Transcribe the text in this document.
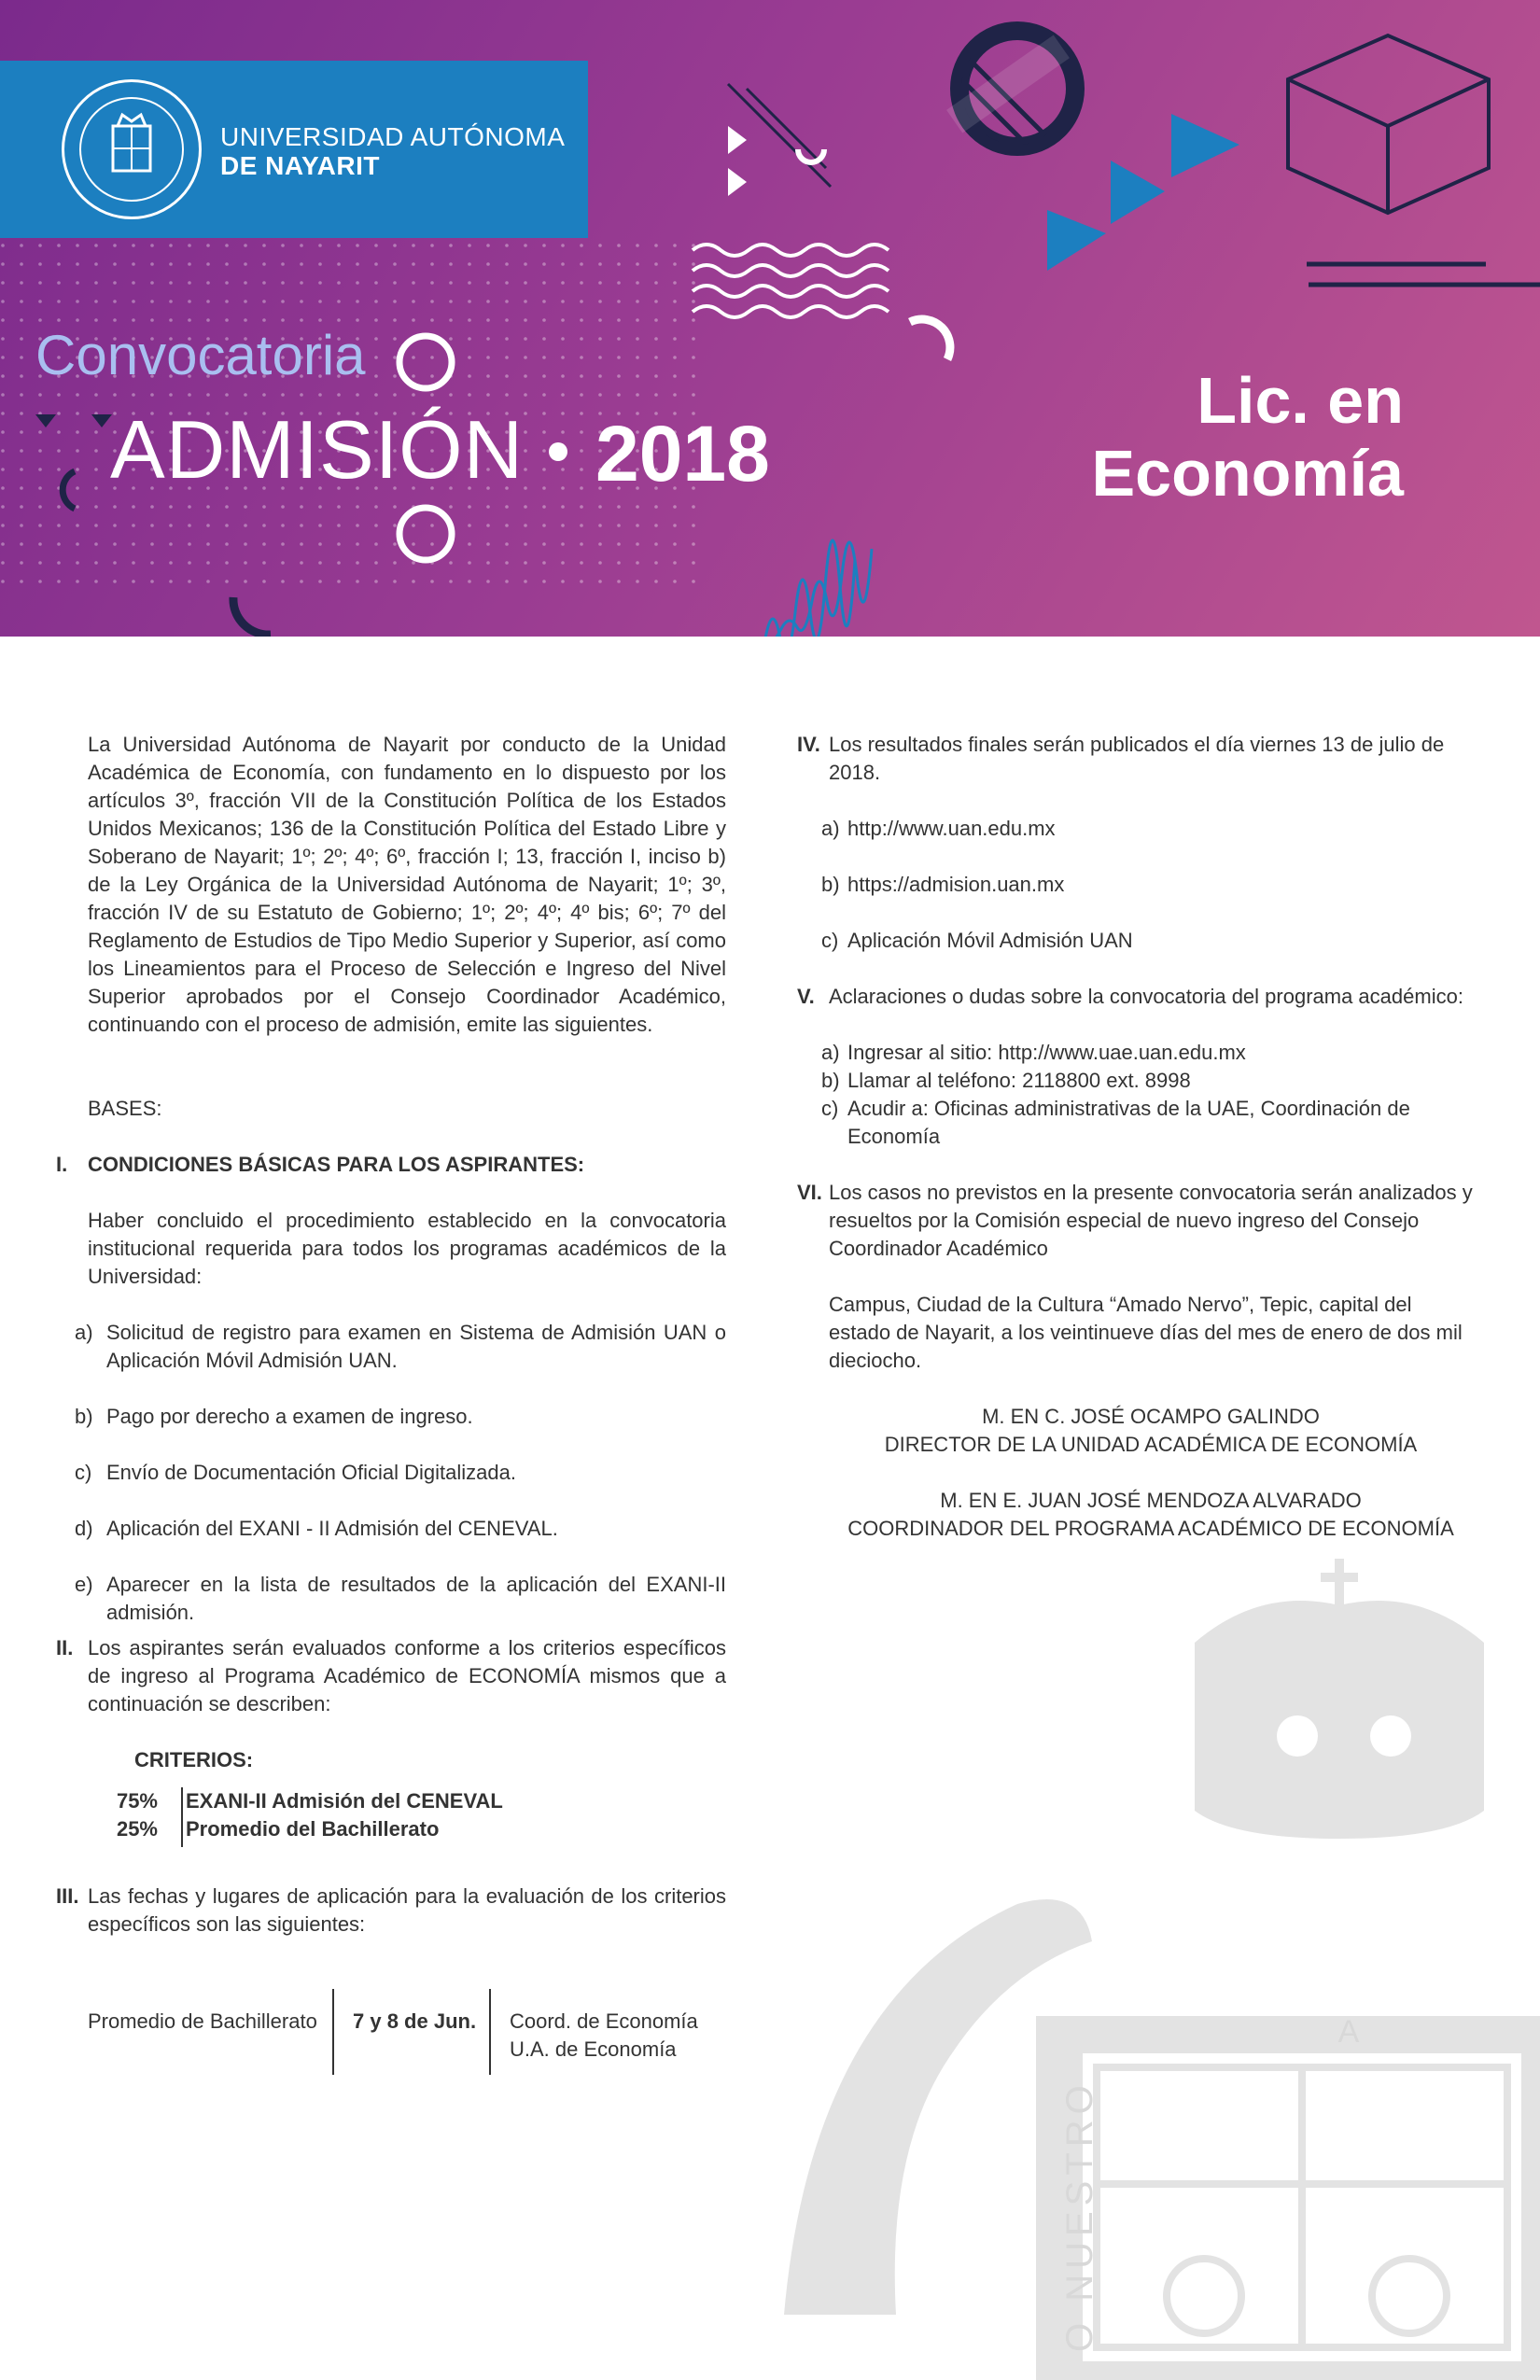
UNIVERSIDAD AUTÓNOMA
DE NAYARIT
Convocatoria
ADMISIÓN 2018
Lic. en
Economía
A
O NUESTRO

La Universidad Autónoma de Nayarit por conducto de la Unidad Académica de Economía, con fundamento en lo dispuesto por los artículos 3º, fracción VII de la Constitución Política de los Estados Unidos Mexicanos; 136 de la Constitución Política del Estado Libre y Soberano de Nayarit; 1º; 2º; 4º; 6º, fracción I; 13, fracción I, inciso b) de la Ley Orgánica de la Universidad Autónoma de Nayarit; 1º; 3º, fracción IV de su Estatuto de Gobierno; 1º; 2º; 4º; 4º bis; 6º; 7º del Reglamento de Estudios de Tipo Medio Superior y Superior, así como los Lineamientos para el Proceso de Selección e Ingreso del Nivel Superior aprobados por el Consejo Coordinador Académico, continuando con el proceso de admisión, emite las siguientes.

BASES:
I. CONDICIONES BÁSICAS PARA LOS ASPIRANTES:

Haber concluido el procedimiento establecido en la convocatoria institucional requerida para todos los programas académicos de la Universidad:

a) Solicitud de registro para examen en Sistema de Admisión UAN o Aplicación Móvil Admisión UAN.

b) Pago por derecho a examen de ingreso.

c) Envío de Documentación Oficial Digitalizada.

d) Aplicación del EXANI - II Admisión del CENEVAL.

e) Aparecer en la lista de resultados de la aplicación del EXANI-II admisión.

II. Los aspirantes serán evaluados conforme a los criterios específicos de ingreso al Programa Académico de ECONOMÍA mismos que a continuación se describen:

CRITERIOS:
75%	EXANI-II Admisión del CENEVAL
25%	Promedio del Bachillerato
III. Las fechas y lugares de aplicación para la evaluación de los criterios específicos son las siguientes:

Promedio de Bachillerato 7 y 8 de Jun. Coord. de Economía
U.A. de Economía
IV. Los resultados finales serán publicados el día viernes 13 de julio de 2018.

a) http://www.uan.edu.mx

b) https://admision.uan.mx

c) Aplicación Móvil Admisión UAN

V. Aclaraciones o dudas sobre la convocatoria del programa académico:

a) Ingresar al sitio: http://www.uae.uan.edu.mx

b) Llamar al teléfono: 2118800 ext. 8998

c) Acudir a: Oficinas administrativas de la UAE, Coordinación de Economía

VI. Los casos no previstos en la presente convocatoria serán analizados y resueltos por la Comisión especial de nuevo ingreso del Consejo Coordinador Académico
Campus, Ciudad de la Cultura “Amado Nervo”, Tepic, capital del estado de Nayarit, a los veintinueve días del mes de enero de dos mil dieciocho.
M. EN C. JOSÉ OCAMPO GALINDO
DIRECTOR DE LA UNIDAD ACADÉMICA DE ECONOMÍA
M. EN E. JUAN JOSÉ MENDOZA ALVARADO
COORDINADOR DEL PROGRAMA ACADÉMICO DE ECONOMÍA
